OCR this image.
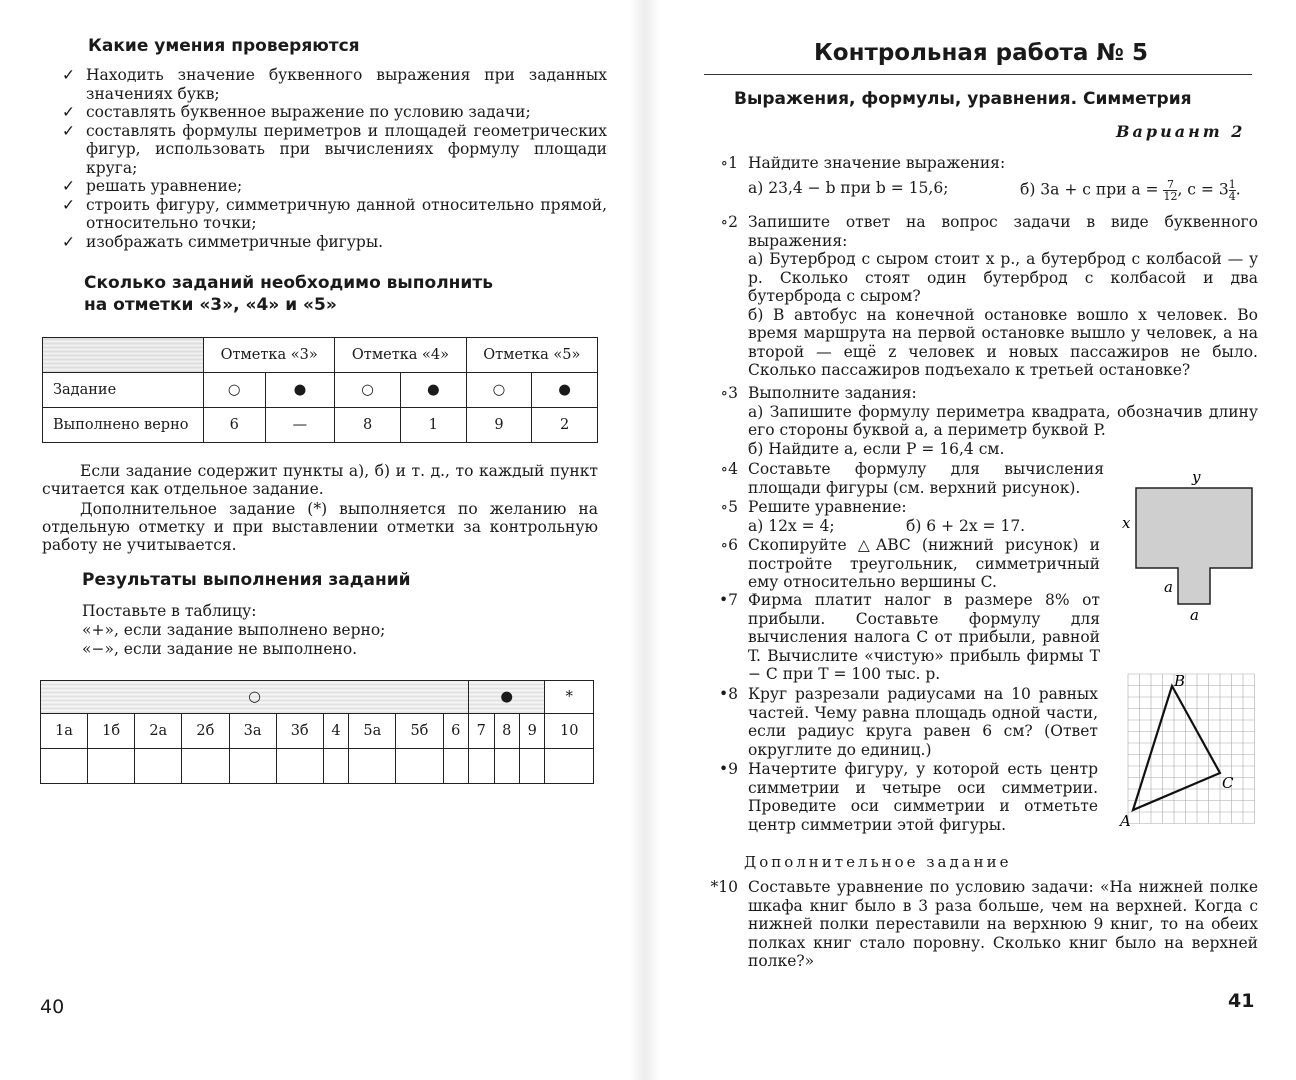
Какие умения проверяются
✓ Находить значение буквенного выражения при заданных значениях букв;
✓ составлять буквенное выражение по условию задачи;
✓ составлять формулы периметров и площадей геометрических фигур, использовать при вычислениях формулу площади круга;
✓ решать уравнение;
✓ строить фигуру, симметричную данной относительно прямой, относительно точки;
✓ изображать симметричные фигуры.
Сколько заданий необходимо выполнить
на отметки «3», «4» и «5»
	Отметка «3»		Отметка «4»		Отметка «5»	
Задание	○	●	○	●	○	●
Выполнено верно	6	—	8	1	9	2

Если задание содержит пункты а), б) и т. д., то каждый пункт считается как отдельное задание.

Дополнительное задание (*) выполняется по желанию на отдельную отметку и при выставлении отметки за контрольную работу не учитывается.

Результаты выполнения заданий

Поставьте в таблицу:
«+», если задание выполнено верно;
«−», если задание не выполнено.

○										●			*
1а	1б	2а	2б	3а	3б	4	5а	5б	6	7	8	9	10

40
Контрольная работа № 5
Выражения, формулы, уравнения. Симметрия
Вариант 2
∘1 Найдите значение выражения:
а) 23,4 − b при b = 15,6;	б) 3a + c при $a = \frac{7}{12}$ , $c = 3 \frac{1}{4}$ .
∘2 Запишите ответ на вопрос задачи в виде буквенного выражения:
а) Бутерброд с сыром стоит x р., а бутерброд с колбасой — y р. Сколько стоят один бутерброд с колбасой и два бутерброда с сыром?
б) В автобус на конечной остановке вошло x человек. Во время маршрута на первой остановке вышло y человек, а на второй — ещё z человек и новых пассажиров не было. Сколько пассажиров подъехало к третьей остановке?
∘3 Выполните задания:
а) Запишите формулу периметра квадрата, обозначив длину его стороны буквой a, а периметр буквой P.
б) Найдите a, если P = 16,4 см.
∘4 Составьте формулу для вычисления площади фигуры (см. верхний рисунок).
∘5 Решите уравнение:
а) 12x = 4;	б) 6 + 2x = 17.
∘6 Скопируйте △ABC (нижний рисунок) и постройте треугольник, симметричный ему относительно вершины C.
•7 Фирма платит налог в размере 8% от прибыли. Составьте формулу для вычисления налога C от прибыли, равной T. Вычислите «чистую» прибыль фирмы T − C при T = 100 тыс. р.
•8 Круг разрезали радиусами на 10 равных частей. Чему равна площадь одной части, если радиус круга равен 6 см? (Ответ округлите до единиц.)
•9 Начертите фигуру, у которой есть центр симметрии и четыре оси симметрии. Проведите оси симметрии и отметьте центр симметрии этой фигуры.
Дополнительное задание
*10 Составьте уравнение по условию задачи: «На нижней полке шкафа книг было в 3 раза больше, чем на верхней. Когда с нижней полки переставили на верхнюю 9 книг, то на обеих полках книг стало поровну. Сколько книг было на верхней полке?»
y
x
a
a
A
B
C
41
